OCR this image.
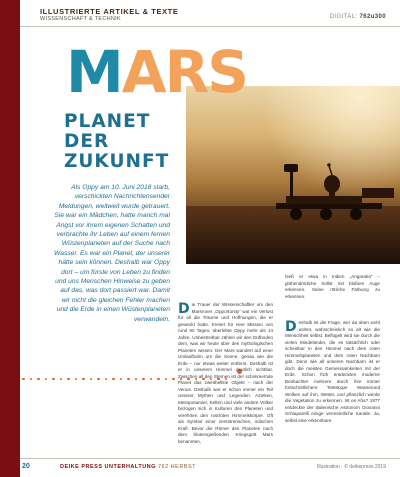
ILLUSTRIERTE ARTIKEL & TEXTE
WISSENSCHAFT & TECHNIK	DIGITAL: 762u300
MARS
PLANET
DER
ZUKUNFT
Als Oppy am 10. Juni 2018 starb, verschickten Nachrichtensender Meldungen, weltweit wurde getrauert. Sie war ein Mädchen, hatte manch mal Angst vor ihrem eigenen Schatten und verbrachte ihr Leben auf einem fernen Wüstenplaneten auf der Suche nach Wasser. Es war ein Planet, der unserer hätte sein können. Deshalb war Oppy dort – um fürste von Leben zu finden und uns Menschen Hinweise zu geben auf das, was dort passiert war. Damit wir nicht die gleichen Fehler machen und die Erde in einen Wüstenplaneten verwandeln.
Die Trauer der Wissenschaftler um den Marsrover „Opportunity“ war ein Verlust für all die Träume und Hoffnungen, die er geweckt hatte. Kreiert für eine Mission von rund 90 Tagen, überlebte Oppy mehr als 14 Jahre. Unbestreitbar zählen wir den Erdboden dem, was wir heute über den mythologischen Planeten wissen. Der Mars wandert auf einer Umlaufbahn um die Sonne, genau wie die Erde – nur etwas weiter entfernt. Deshalb ist er in unserem Himmel deutlich sichtbar. Zwischen all den Sternen ist der schimmernde Planet das zweithellste Objekt – nach der Venus. Deshalb war er schon immer ein Teil unserer Mythen und Legenden. Azteken, Mesopotamier, Kelten und viele andere Völker bezogen sich in Kulturen den Planeten und verehrten den rostroten Himmelskörper. Oft als Symbol einer zerstörerischen, irdischen Kraft. Bevor die Römer den Planeten nach dem blutvergießenden Kriegsgott Mars benannten,
hieß er etwa in Indien „Angaraka“ – glühendrötliche Sollst mit bloßem Auge erkennen. Seine rötliche Färbung zu erkennen.
Deshalb ist die Frage, wer da oben wohl wohnt, wahrscheinlich so alt wie die Menschheit selbst. Beflügelt wird sie durch die vielen Mindeländer, die es tatsächlich oder scheinbar in den Himmel nach dem roten Himmelsplaneten und dem roten Nachbarn gibt. Denn wie all unseren Nachbarn ist er doch die meisten Gemeinsamkeiten mit der Erde. Schon früh entdeckten moderne Beobachter mehrere durch ihre immer fortschrittlichere Teleskope Wasserund Wolken auf ihm, Wetter, und pflanzlich werde die Vegetation zu erkennen. Ist es Aha? 1877 entdeckte der italienische Astronom Giovanni Schiaparelli einige vermeintliche Kanäle. Ja, selbst eine erkennbare
20	DEIKE PRESS UNTERHALTUNG 762 HERBST	Illustration · © deikepress 2019
